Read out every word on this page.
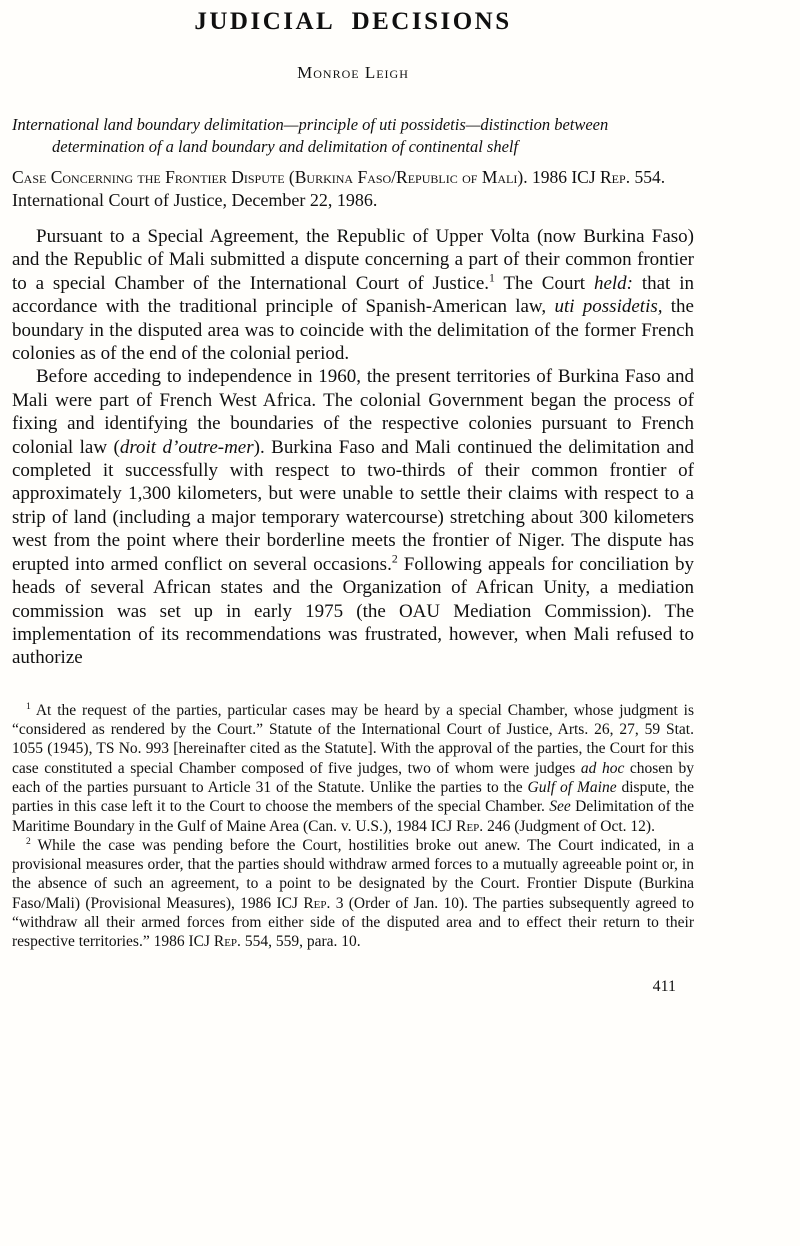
JUDICIAL DECISIONS
Monroe Leigh
International land boundary delimitation—principle of uti possidetis—distinction between determination of a land boundary and delimitation of continental shelf
Case Concerning the Frontier Dispute (Burkina Faso/Republic of Mali). 1986 ICJ Rep. 554.
International Court of Justice, December 22, 1986.

Pursuant to a Special Agreement, the Republic of Upper Volta (now Burkina Faso) and the Republic of Mali submitted a dispute concerning a part of their common frontier to a special Chamber of the International Court of Justice.$^1$ The Court held: that in accordance with the traditional principle of Spanish-American law, uti possidetis, the boundary in the disputed area was to coincide with the delimitation of the former French colonies as of the end of the colonial period.

Before acceding to independence in 1960, the present territories of Burkina Faso and Mali were part of French West Africa. The colonial Government began the process of fixing and identifying the boundaries of the respective colonies pursuant to French colonial law (droit d’outre-mer). Burkina Faso and Mali continued the delimitation and completed it successfully with respect to two-thirds of their common frontier of approximately 1,300 kilometers, but were unable to settle their claims with respect to a strip of land (including a major temporary watercourse) stretching about 300 kilometers west from the point where their borderline meets the frontier of Niger. The dispute has erupted into armed conflict on several occasions.$^2$ Following appeals for conciliation by heads of several African states and the Organization of African Unity, a mediation commission was set up in early 1975 (the OAU Mediation Commission). The implementation of its recommendations was frustrated, however, when Mali refused to authorize

$^1$ At the request of the parties, particular cases may be heard by a special Chamber, whose judgment is “considered as rendered by the Court.” Statute of the International Court of Justice, Arts. 26, 27, 59 Stat. 1055 (1945), TS No. 993 [hereinafter cited as the Statute]. With the approval of the parties, the Court for this case constituted a special Chamber composed of five judges, two of whom were judges ad hoc chosen by each of the parties pursuant to Article 31 of the Statute. Unlike the parties to the Gulf of Maine dispute, the parties in this case left it to the Court to choose the members of the special Chamber. See Delimitation of the Maritime Boundary in the Gulf of Maine Area (Can. v. U.S.), 1984 ICJ Rep. 246 (Judgment of Oct. 12).

$^2$ While the case was pending before the Court, hostilities broke out anew. The Court indicated, in a provisional measures order, that the parties should withdraw armed forces to a mutually agreeable point or, in the absence of such an agreement, to a point to be designated by the Court. Frontier Dispute (Burkina Faso/Mali) (Provisional Measures), 1986 ICJ Rep. 3 (Order of Jan. 10). The parties subsequently agreed to “withdraw all their armed forces from either side of the disputed area and to effect their return to their respective territories.” 1986 ICJ Rep. 554, 559, para. 10.

411
